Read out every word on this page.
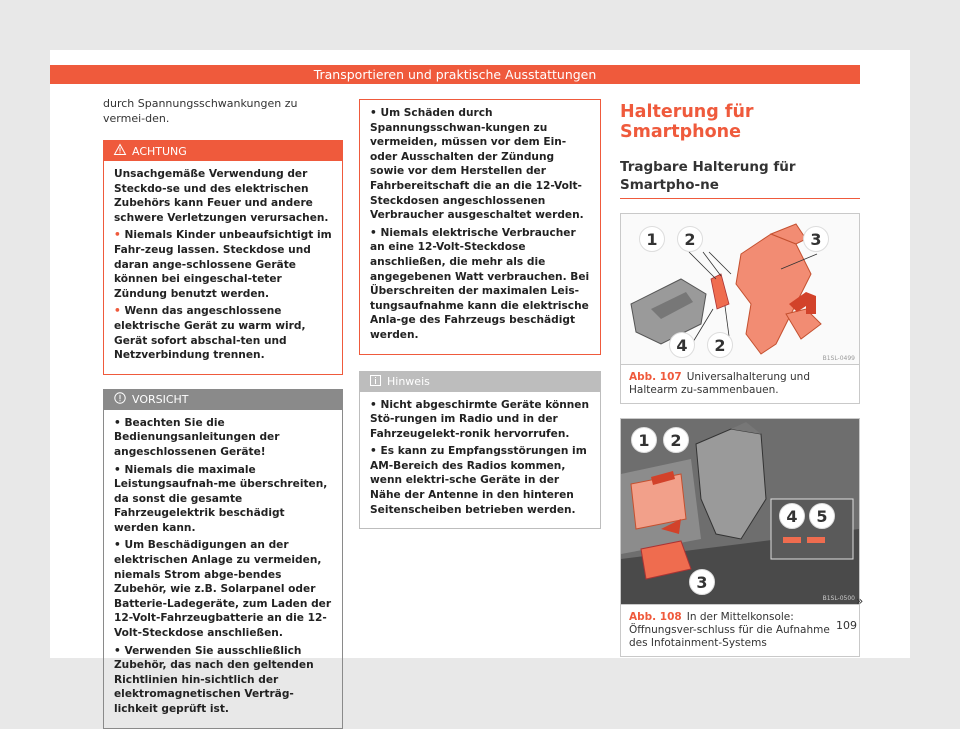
Transportieren und praktische Ausstattungen

durch Spannungsschwankungen zu vermei-den.

ACHTUNG

Unsachgemäße Verwendung der Steckdo-se und des elektrischen Zubehörs kann Feuer und andere schwere Verletzungen verursachen.

• Niemals Kinder unbeaufsichtigt im Fahr-zeug lassen. Steckdose und daran ange-schlossene Geräte können bei eingeschal-teter Zündung benutzt werden.

• Wenn das angeschlossene elektrische Gerät zu warm wird, Gerät sofort abschal-ten und Netzverbindung trennen.

VORSICHT

• Beachten Sie die Bedienungsanleitungen der angeschlossenen Geräte!

• Niemals die maximale Leistungsaufnah-me überschreiten, da sonst die gesamte Fahrzeugelektrik beschädigt werden kann.

• Um Beschädigungen an der elektrischen Anlage zu vermeiden, niemals Strom abge-bendes Zubehör, wie z.B. Solarpanel oder Batterie-Ladegeräte, zum Laden der 12-Volt-Fahrzeugbatterie an die 12-Volt-Steckdose anschließen.

• Verwenden Sie ausschließlich Zubehör, das nach den geltenden Richtlinien hin-sichtlich der elektromagnetischen Verträg-lichkeit geprüft ist.

• Um Schäden durch Spannungsschwan-kungen zu vermeiden, müssen vor dem Ein- oder Ausschalten der Zündung sowie vor dem Herstellen der Fahrbereitschaft die an die 12-Volt-Steckdosen angeschlossenen Verbraucher ausgeschaltet werden.

• Niemals elektrische Verbraucher an eine 12-Volt-Steckdose anschließen, die mehr als die angegebenen Watt verbrauchen. Bei Überschreiten der maximalen Leis-tungsaufnahme kann die elektrische Anla-ge des Fahrzeugs beschädigt werden.

Hinweis

• Nicht abgeschirmte Geräte können Stö-rungen im Radio und in der Fahrzeugelekt-ronik hervorrufen.

• Es kann zu Empfangsstörungen im AM-Bereich des Radios kommen, wenn elektri-sche Geräte in der Nähe der Antenne in den hinteren Seitenscheiben betrieben werden.

Halterung für Smartphone
Tragbare Halterung für Smartpho-ne
1	2	3
4	2
B1SL-0499
Abb. 107 Universalhalterung und Haltearm zu-sammenbauen.
1	2
3
4	5
B1SL-0500
Abb. 108 In der Mittelkonsole: Öffnungsver-schluss für die Aufnahme des Infotainment-Systems
»
109
